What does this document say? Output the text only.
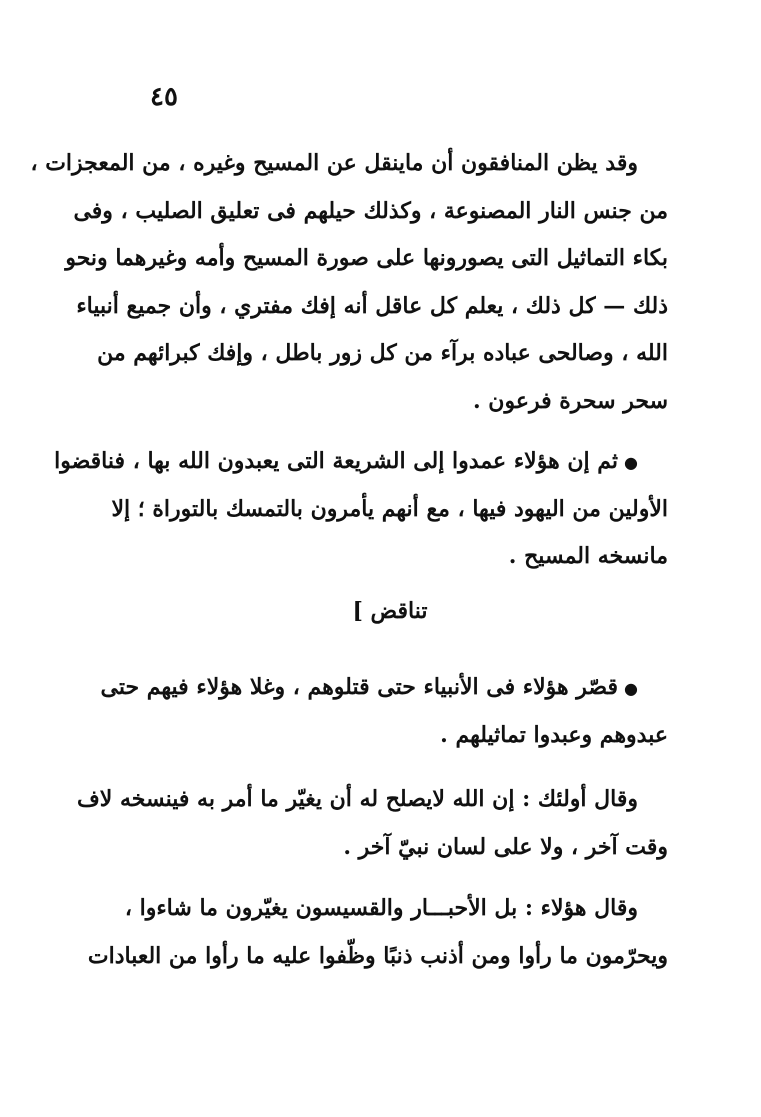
٤٥
وقد يظن المنافقون أن ماينقل عن المسيح وغيره ، من المعجزات ،
من جنس النار المصنوعة ، وكذلك حيلهم فى تعليق الصليب ، وفى
بكاء التماثيل التى يصورونها على صورة المسيح وأمه وغيرهما ونحو
ذلك — كل ذلك ، يعلم كل عاقل أنه إفك مفتري ، وأن جميع أنبياء
الله ، وصالحى عباده برآء من كل زور باطل ، وإفك كبرائهم من
سحر سحرة فرعون .
●ثم إن هؤلاء عمدوا إلى الشريعة التى يعبدون الله بها ، فناقضوا
الأولين من اليهود فيها ، مع أنهم يأمرون بالتمسك بالتوراة ؛ إلا
مانسخه المسيح .
تناقض ]
●قصّر هؤلاء فى الأنبياء حتى قتلوهم ، وغلا هؤلاء فيهم حتى
عبدوهم وعبدوا تماثيلهم .
وقال أولئك : إن الله لايصلح له أن يغيّر ما أمر به فينسخه لاف
وقت آخر ، ولا على لسان نبيّ آخر .
وقال هؤلاء : بل الأحبـــار والقسيسون يغيّرون ما شاءوا ،
ويحرّمون ما رأوا ومن أذنب ذنبًا وظّفوا عليه ما رأوا من العبادات
